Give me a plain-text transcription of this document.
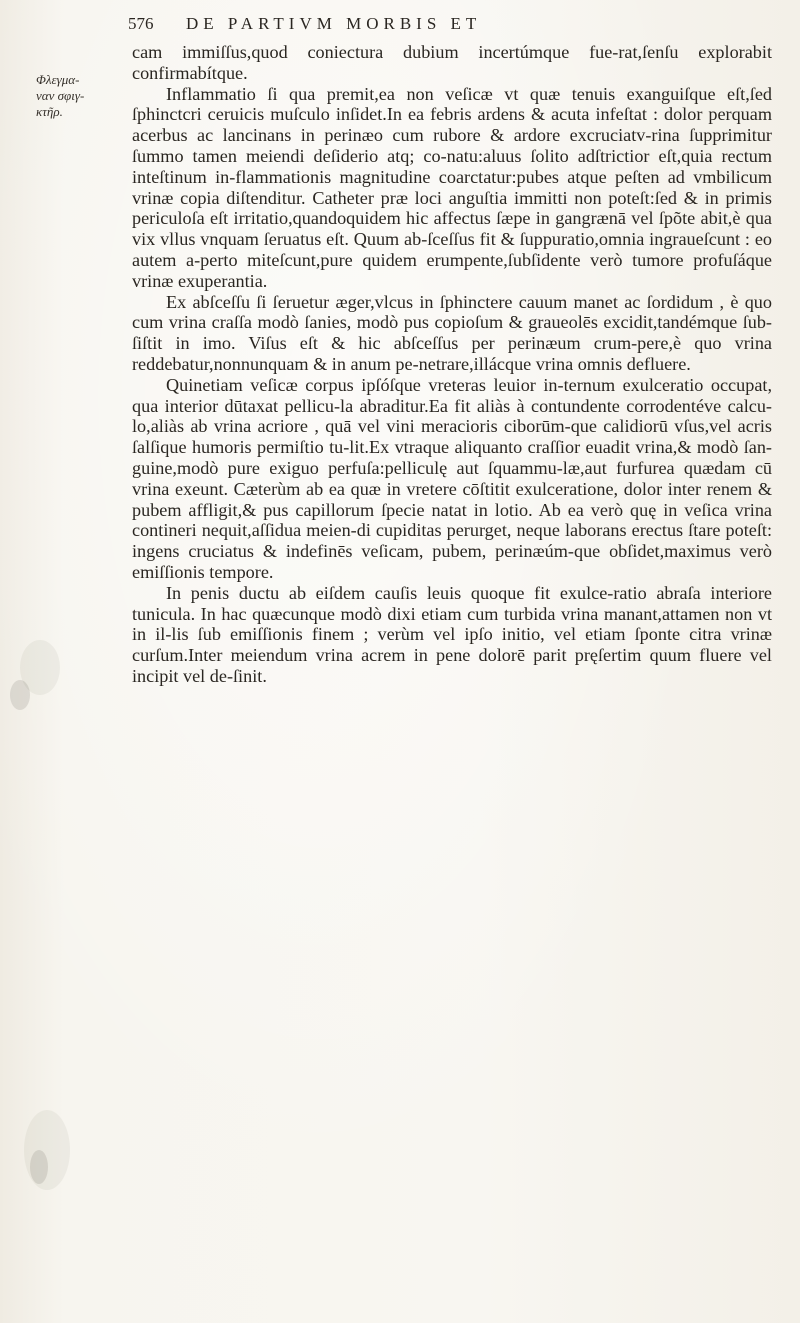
576 DE PARTIVM MORBIS ET
Φλεγμα-
ναν σφιγ-
κτῆρ.

cam immiſſus,quod coniectura dubium incertúmque fue-rat,ſenſu explorabit confirmabítque.

Inflammatio ſi qua premit,ea non veſicæ vt quæ tenuis exanguiſque eſt,ſed ſphinctcri ceruicis muſculo inſidet.In ea febris ardens & acuta infeſtat : dolor perquam acerbus ac lancinans in perinæo cum rubore & ardore excruciatv-rina ſupprimitur ſummo tamen meiendi deſiderio atq; co-natu:aluus ſolito adſtrictior eſt,quia rectum inteſtinum in-flammationis magnitudine coarctatur:pubes atque peſten ad vmbilicum vrinæ copia diſtenditur. Catheter præ loci anguſtia immitti non poteſt:ſed & in primis periculoſa eſt irritatio,quandoquidem hic affectus ſæpe in gangrænā vel ſpõte abit,è qua vix vllus vnquam ſeruatus eſt. Quum ab-ſceſſus fit & ſuppuratio,omnia ingraueſcunt : eo autem a-perto miteſcunt,pure quidem erumpente,ſubſidente verò tumore profuſáque vrinæ exuperantia.

Ex abſceſſu ſi ſeruetur æger,vlcus in ſphinctere cauum manet ac ſordidum , è quo cum vrina craſſa modò ſanies, modò pus copioſum & graueolēs excidit,tandémque ſub-ſiſtit in imo. Viſus eſt & hic abſceſſus per perinæum crum-pere,è quo vrina reddebatur,nonnunquam & in anum pe-netrare,illácque vrina omnis defluere.

Quinetiam veſicæ corpus ipſóſque vreteras leuior in-ternum exulceratio occupat, qua interior dūtaxat pellicu-la abraditur.Ea fit aliàs à contundente corrodentéve calcu-lo,aliàs ab vrina acriore , quā vel vini meracioris ciborūm-que calidiorū vſus,vel acris ſalſique humoris permiſtio tu-lit.Ex vtraque aliquanto craſſior euadit vrina,& modò ſan-guine,modò pure exiguo perfuſa:pelliculę aut ſquammu-læ,aut furfurea quædam cū vrina exeunt. Cæterùm ab ea quæ in vretere cōſtitit exulceratione, dolor inter renem & pubem affligit,& pus capillorum ſpecie natat in lotio. Ab ea verò quę in veſica vrina contineri nequit,aſſidua meien-di cupiditas perurget, neque laborans erectus ſtare poteſt: ingens cruciatus & indefinēs veſicam, pubem, perinæúm-que obſidet,maximus verò emiſſionis tempore.

In penis ductu ab eiſdem cauſis leuis quoque fit exulce-ratio abraſa interiore tunicula. In hac quæcunque modò dixi etiam cum turbida vrina manant,attamen non vt in il-lis ſub emiſſionis finem ; verùm vel ipſo initio, vel etiam ſponte citra vrinæ curſum.Inter meiendum vrina acrem in pene dolorē parit pręſertim quum fluere vel incipit vel de-ſinit.
